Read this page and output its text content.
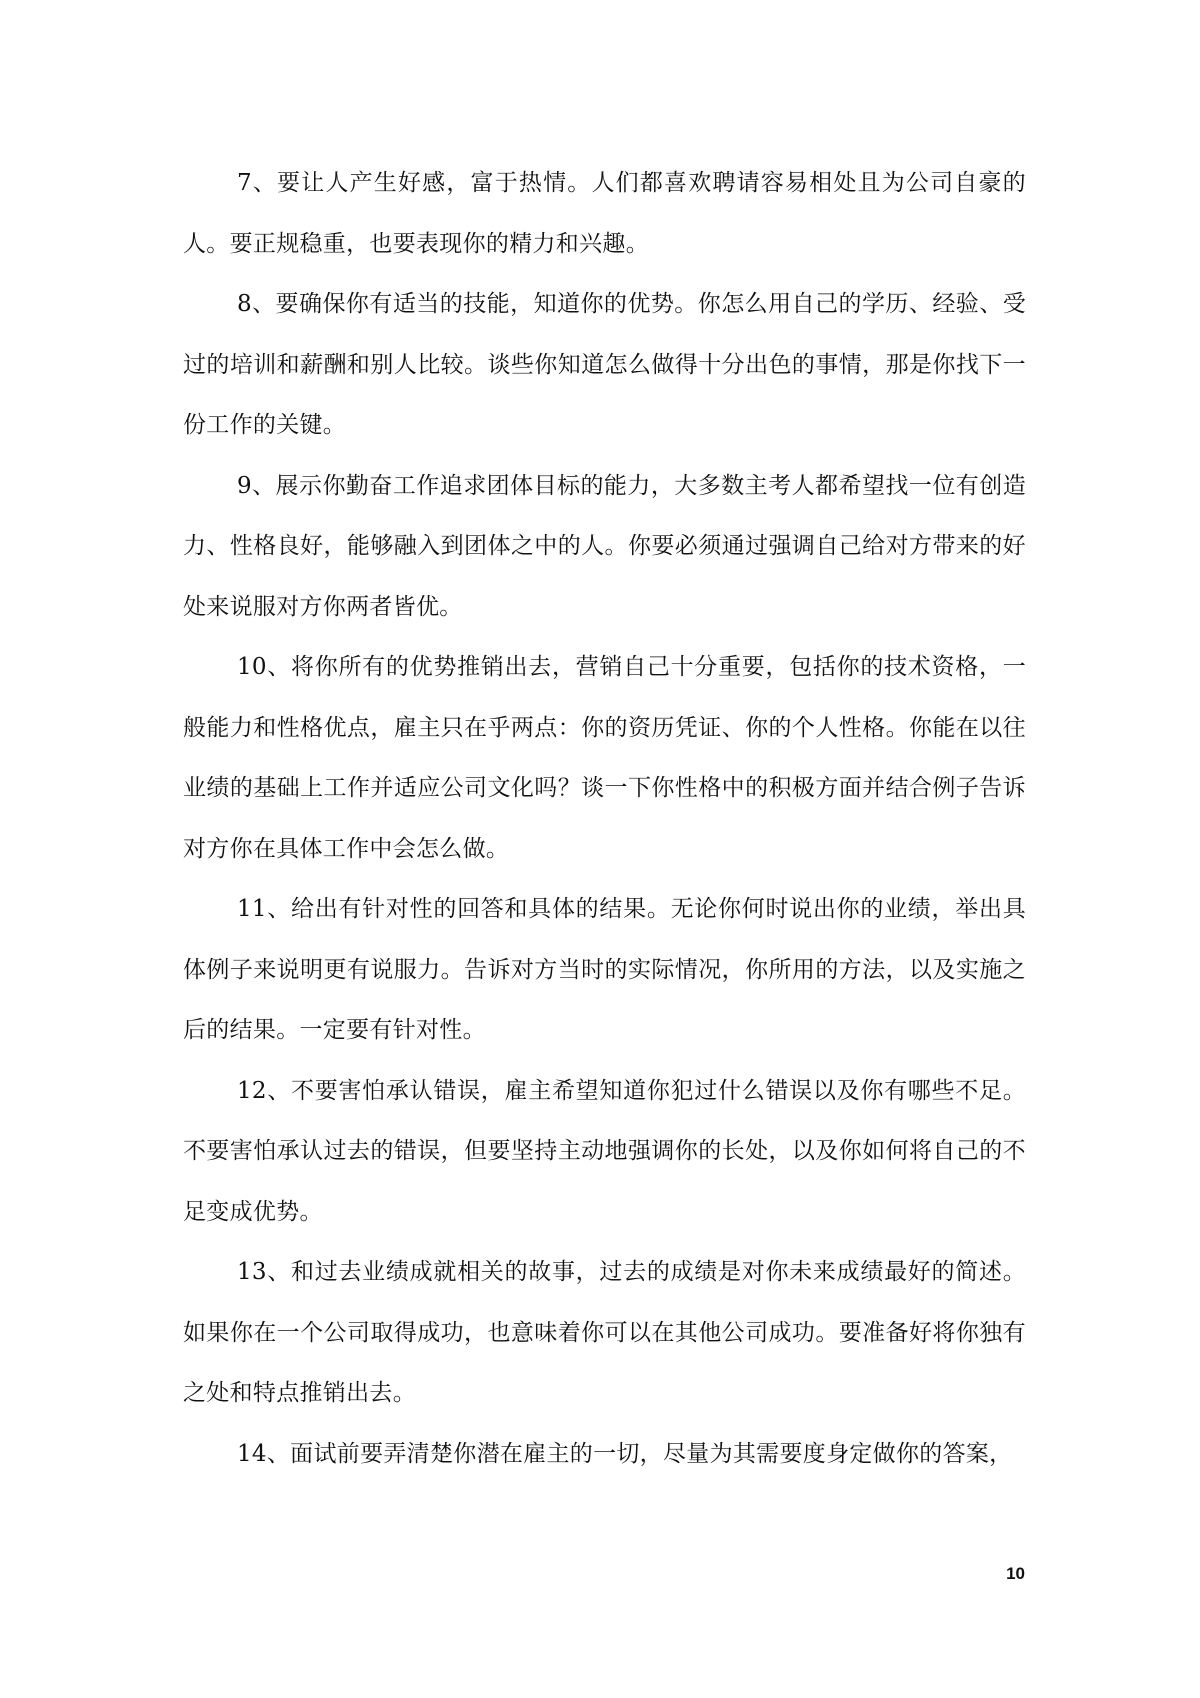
7、要让人产生好感，富于热情。人们都喜欢聘请容易相处且为公司自豪的人。要正规稳重，也要表现你的精力和兴趣。

8、要确保你有适当的技能，知道你的优势。你怎么用自己的学历、经验、受过的培训和薪酬和别人比较。谈些你知道怎么做得十分出色的事情，那是你找下一份工作的关键。

9、展示你勤奋工作追求团体目标的能力，大多数主考人都希望找一位有创造力、性格良好，能够融入到团体之中的人。你要必须通过强调自己给对方带来的好处来说服对方你两者皆优。

10、将你所有的优势推销出去，营销自己十分重要，包括你的技术资格，一般能力和性格优点，雇主只在乎两点：你的资历凭证、你的个人性格。你能在以往业绩的基础上工作并适应公司文化吗？谈一下你性格中的积极方面并结合例子告诉对方你在具体工作中会怎么做。

11、给出有针对性的回答和具体的结果。无论你何时说出你的业绩，举出具体例子来说明更有说服力。告诉对方当时的实际情况，你所用的方法，以及实施之后的结果。一定要有针对性。

12、不要害怕承认错误，雇主希望知道你犯过什么错误以及你有哪些不足。不要害怕承认过去的错误，但要坚持主动地强调你的长处，以及你如何将自己的不足变成优势。

13、和过去业绩成就相关的故事，过去的成绩是对你未来成绩最好的简述。如果你在一个公司取得成功，也意味着你可以在其他公司成功。要准备好将你独有之处和特点推销出去。

14、面试前要弄清楚你潜在雇主的一切，尽量为其需要度身定做你的答案，

10
